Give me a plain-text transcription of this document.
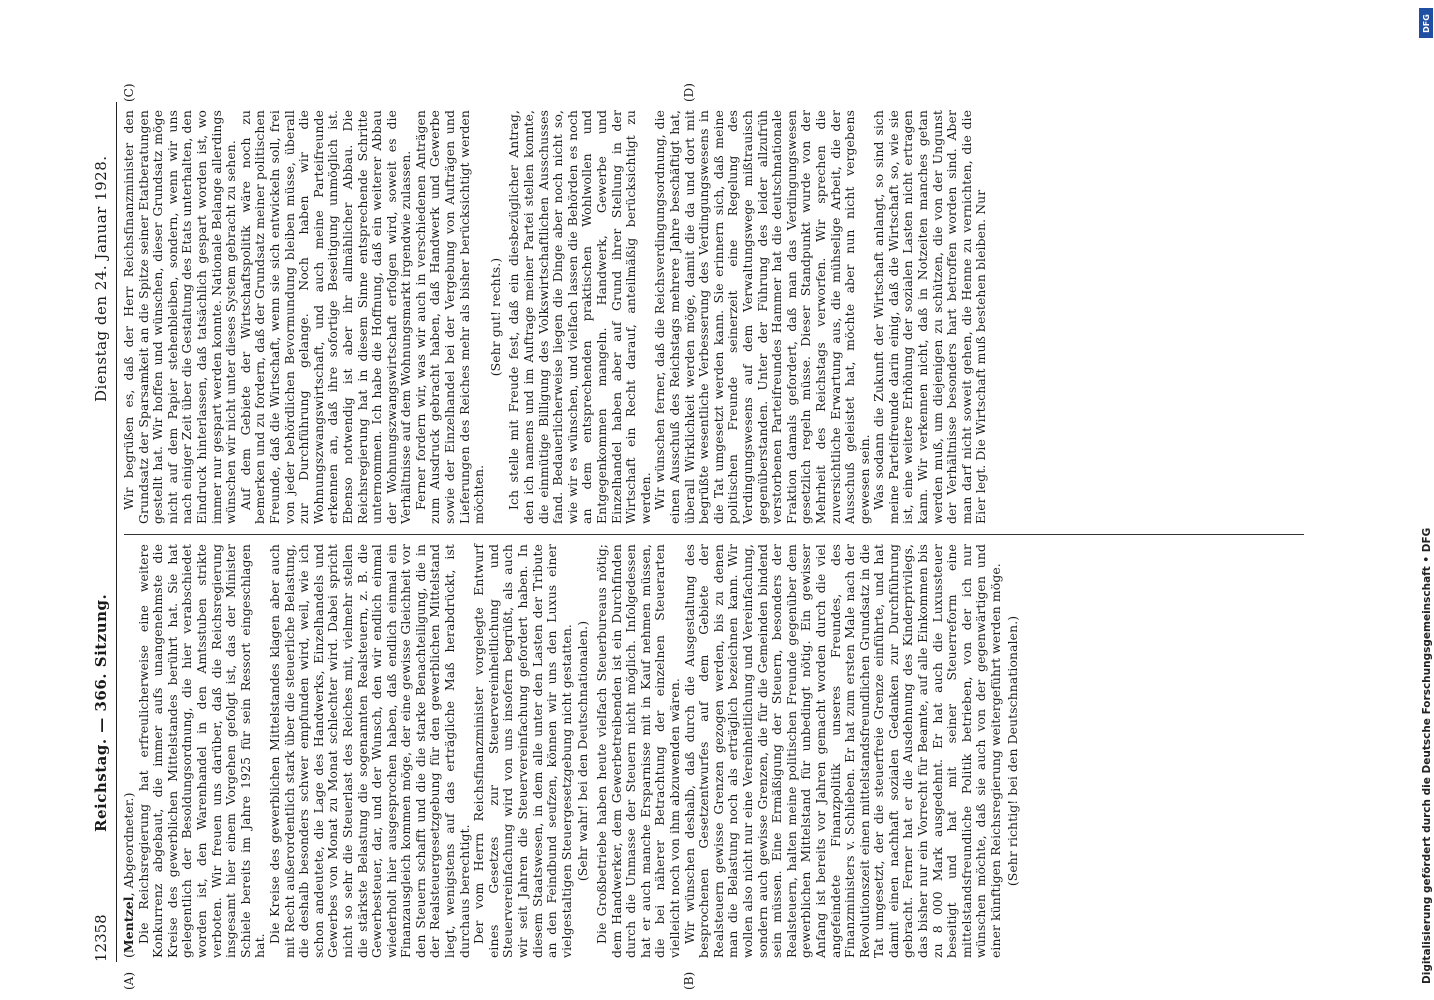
12358
Reichstag. — 366. Sitzung.
Dienstag den 24. Januar 1928.
(A)	(B)
(C)	(D)

(Mentzel, Abgeordneter.) Die Reichsregierung hat erfreulicherweise eine weitere Konkurrenz abgebaut, die immer aufs unangenehmste die Kreise des gewerblichen Mittelstandes berührt hat. Sie hat gelegentlich der Besoldungsordnung, die hier verabschiedet worden ist, den Warenhandel in den Amtsstuben strikte verboten. Wir freuen uns darüber, daß die Reichsregierung insgesamt hier einem Vorgehen gefolgt ist, das der Minister Schiele bereits im Jahre 1925 für sein Ressort eingeschlagen hat.

Die Kreise des gewerblichen Mittelstandes klagen aber auch mit Recht außerordentlich stark über die steuerliche Belastung, die deshalb besonders schwer empfunden wird, weil, wie ich schon andeutete, die Lage des Handwerks, Einzelhandels und Gewerbes von Monat zu Monat schlechter wird. Dabei spricht nicht so sehr die Steuerlast des Reiches mit, vielmehr stellen die stärkste Belastung die sogenannten Realsteuern, z. B. die Gewerbesteuer, dar, und der Wunsch, den wir endlich einmal wiederholt hier ausgesprochen haben, daß endlich einmal ein Finanzausgleich kommen möge, der eine gewisse Gleichheit vor den Steuern schafft und die die starke Benachteiligung, die in der Realsteuergesetzgebung für den gewerblichen Mittelstand liegt, wenigstens auf das erträgliche Maß herabdrückt, ist durchaus berechtigt. Der vom Herrn Reichsfinanzminister vorgelegte Entwurf eines Gesetzes zur Steuervereinheitlichung und Steuervereinfachung wird von uns insofern begrüßt, als auch wir seit Jahren die Steuervereinfachung gefordert haben. In diesem Staatswesen, in dem alle unter den Lasten der Tribute an den Feindbund seufzen, können wir uns den Luxus einer vielgestaltigen Steuergesetzgebung nicht gestatten. (Sehr wahr! bei den Deutschnationalen.) Die Großbetriebe haben heute vielfach Steuerbureaus nötig; dem Handwerker, dem Gewerbetreibenden ist ein Durchfinden durch die Unmasse der Steuern nicht möglich. Infolgedessen hat er auch manche Ersparnisse mit in Kauf nehmen müssen, die bei näherer Betrachtung der einzelnen Steuerarten vielleicht noch von ihm abzuwenden wären. Wir wünschen deshalb, daß durch die Ausgestaltung des besprochenen Gesetzentwurfes auf dem Gebiete der Realsteuern gewisse Grenzen gezogen werden, bis zu denen man die Belastung noch als erträglich bezeichnen kann. Wir wollen also nicht nur eine Vereinheitlichung und Vereinfachung, sondern auch gewisse Grenzen, die für die Gemeinden bindend sein müssen. Eine Ermäßigung der Steuern, besonders der Realsteuern, halten meine politischen Freunde gegenüber dem gewerblichen Mittelstand für unbedingt nötig. Ein gewisser Anfang ist bereits vor Jahren gemacht worden durch die viel angefeindete Finanzpolitik unseres Freundes, des Finanzministers v. Schlieben. Er hat zum ersten Male nach der Revolutionszeit einen mittelstandsfreundlichen Grundsatz in die Tat umgesetzt, der die steuerfreie Grenze einführte, und hat damit einen nachhaft sozialen Gedanken zur Durchführung gebracht. Ferner hat er die Ausdehnung des Kinderprivilegs, das bisher nur ein Vorrecht für Beamte, auf alle Einkommen bis zu 8 000 Mark ausgedehnt. Er hat auch die Luxussteuer beseitigt und hat mit seiner Steuerreform eine mittelstandsfreundliche Politik betrieben, von der ich nur wünschen möchte, daß sie auch von der gegenwärtigen und einer künftigen Reichsregierung weitergeführt werden möge. (Sehr richtig! bei den Deutschnationalen.)

Wir begrüßen es, daß der Herr Reichsfinanzminister den Grundsatz der Sparsamkeit an die Spitze seiner Etatberatungen gestellt hat. Wir hoffen und wünschen, dieser Grundsatz möge nicht auf dem Papier stehenbleiben, sondern, wenn wir uns nach einiger Zeit über die Gestaltung des Etats unterhalten, den Eindruck hinterlassen, daß tatsächlich gespart worden ist, wo immer nur gespart werden konnte. Nationale Belange allerdings wünschen wir nicht unter dieses System gebracht zu sehen. Auf dem Gebiete der Wirtschaftspolitik wäre noch zu bemerken und zu fordern, daß der Grundsatz meiner politischen Freunde, daß die Wirtschaft, wenn sie sich entwickeln soll, frei von jeder behördlichen Bevormundung bleiben müsse, überall zur Durchführung gelange. Noch haben wir die Wohnungszwangswirtschaft, und auch meine Parteifreunde erkennen an, daß ihre sofortige Beseitigung unmöglich ist. Ebenso notwendig ist aber ihr allmählicher Abbau. Die Reichsregierung hat in diesem Sinne entsprechende Schritte unternommen. Ich habe die Hoffnung, daß ein weiterer Abbau der Wohnungszwangswirtschaft erfolgen wird, soweit es die Verhältnisse auf dem Wohnungsmarkt irgendwie zulassen. Ferner fordern wir, was wir auch in verschiedenen Anträgen zum Ausdruck gebracht haben, daß Handwerk und Gewerbe sowie der Einzelhandel bei der Vergebung von Aufträgen und Lieferungen des Reiches mehr als bisher berücksichtigt werden möchten.

(Sehr gut! rechts.) Ich stelle mit Freude fest, daß ein diesbezüglicher Antrag, den ich namens und im Auftrage meiner Partei stellen konnte, die einmütige Billigung des Volkswirtschaftlichen Ausschusses fand. Bedauerlicherweise liegen die Dinge aber noch nicht so, wie wir es wünschen, und vielfach lassen die Behörden es noch an dem entsprechenden praktischen Wohlwollen und Entgegenkommen mangeln. Handwerk, Gewerbe und Einzelhandel haben aber auf Grund ihrer Stellung in der Wirtschaft ein Recht darauf, anteilmäßig berücksichtigt zu werden. Wir wünschen ferner, daß die Reichsverdingungsordnung, die einen Ausschuß des Reichstags mehrere Jahre beschäftigt hat, überall Wirklichkeit werden möge, damit die da und dort mit begrüßte wesentliche Verbesserung des Verdingungswesens in die Tat umgesetzt werden kann. Sie erinnern sich, daß meine politischen Freunde seinerzeit eine Regelung des Verdingungswesens auf dem Verwaltungswege mißtrauisch gegenüberstanden. Unter der Führung des leider allzufrüh verstorbenen Parteifreundes Hammer hat die deutschnationale Fraktion damals gefordert, daß man das Verdingungswesen gesetzlich regeln müsse. Dieser Standpunkt wurde von der Mehrheit des Reichstags verworfen. Wir sprechen die zuversichtliche Erwartung aus, die mühselige Arbeit, die der Ausschuß geleistet hat, möchte aber nun nicht vergebens gewesen sein. Was sodann die Zukunft der Wirtschaft anlangt, so sind sich meine Parteifreunde darin einig, daß die Wirtschaft so, wie sie ist, eine weitere Erhöhung der sozialen Lasten nicht ertragen kann. Wir verkennen nicht, daß in Notzeiten manches getan werden muß, um diejenigen zu schützen, die von der Ungunst der Verhältnisse besonders hart betroffen worden sind. Aber man darf nicht soweit gehen, die Henne zu vernichten, die die Eier legt. Die Wirtschaft muß bestehen bleiben. Nur

DFG
Digitalisierung gefördert durch die Deutsche Forschungsgemeinschaft • DFG
